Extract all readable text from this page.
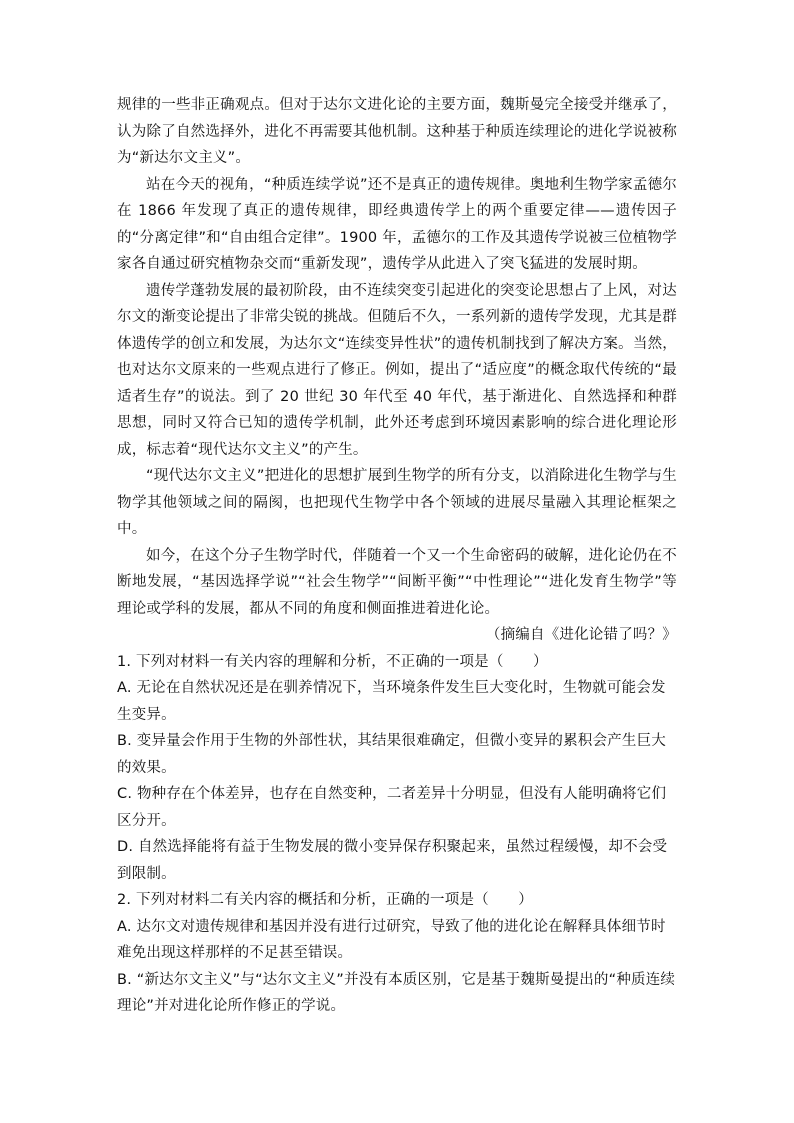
规律的一些非正确观点。但对于达尔文进化论的主要方面，魏斯曼完全接受并继承了，认为除了自然选择外，进化不再需要其他机制。这种基于种质连续理论的进化学说被称为“新达尔文主义”。

站在今天的视角，“种质连续学说”还不是真正的遗传规律。奥地利生物学家孟德尔在 1866 年发现了真正的遗传规律，即经典遗传学上的两个重要定律——遗传因子的“分离定律”和“自由组合定律”。1900 年，孟德尔的工作及其遗传学说被三位植物学家各自通过研究植物杂交而“重新发现”，遗传学从此进入了突飞猛进的发展时期。

遗传学蓬勃发展的最初阶段，由不连续突变引起进化的突变论思想占了上风，对达尔文的渐变论提出了非常尖锐的挑战。但随后不久，一系列新的遗传学发现，尤其是群体遗传学的创立和发展，为达尔文“连续变异性状”的遗传机制找到了解决方案。当然，也对达尔文原来的一些观点进行了修正。例如，提出了“适应度”的概念取代传统的“最适者生存”的说法。到了 20 世纪 30 年代至 40 年代，基于渐进化、自然选择和种群思想，同时又符合已知的遗传学机制，此外还考虑到环境因素影响的综合进化理论形成，标志着“现代达尔文主义”的产生。

“现代达尔文主义”把进化的思想扩展到生物学的所有分支，以消除进化生物学与生物学其他领域之间的隔阂，也把现代生物学中各个领域的进展尽量融入其理论框架之中。

如今，在这个分子生物学时代，伴随着一个又一个生命密码的破解，进化论仍在不断地发展，“基因选择学说”“社会生物学”“间断平衡”“中性理论”“进化发育生物学”等理论或学科的发展，都从不同的角度和侧面推进着进化论。

（摘编自《进化论错了吗？》

1. 下列对材料一有关内容的理解和分析，不正确的一项是（　　）

A. 无论在自然状况还是在驯养情况下，当环境条件发生巨大变化时，生物就可能会发生变异。

B. 变异量会作用于生物的外部性状，其结果很难确定，但微小变异的累积会产生巨大的效果。

C. 物种存在个体差异，也存在自然变种，二者差异十分明显，但没有人能明确将它们区分开。

D. 自然选择能将有益于生物发展的微小变异保存积聚起来，虽然过程缓慢，却不会受到限制。

2. 下列对材料二有关内容的概括和分析，正确的一项是（　　）

A. 达尔文对遗传规律和基因并没有进行过研究，导致了他的进化论在解释具体细节时难免出现这样那样的不足甚至错误。

B. “新达尔文主义”与“达尔文主义”并没有本质区别，它是基于魏斯曼提出的“种质连续理论”并对进化论所作修正的学说。
